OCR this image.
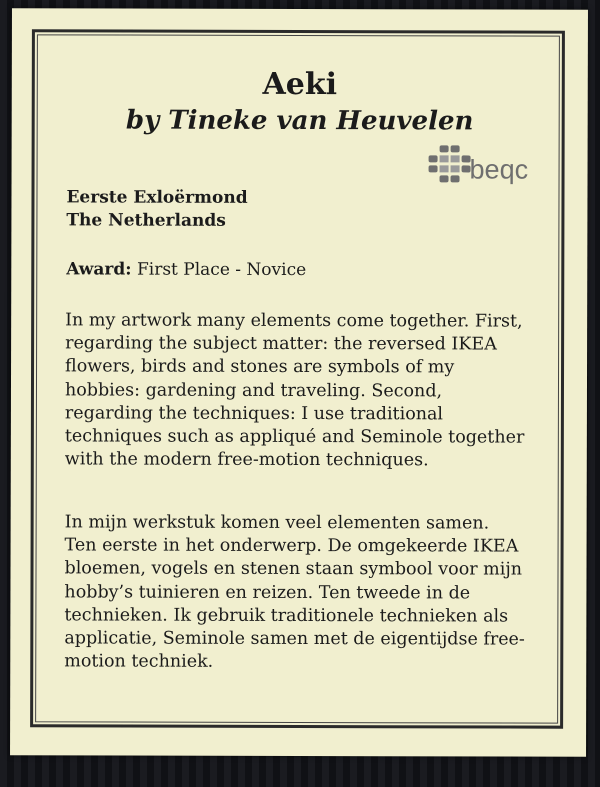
Aeki
by Tineke van Heuvelen
beqc
Eerste Exloërmond
The Netherlands
Award: First Place - Novice
In my artwork many elements come together. First,
regarding the subject matter: the reversed IKEA
flowers, birds and stones are symbols of my
hobbies: gardening and traveling. Second,
regarding the techniques: I use traditional
techniques such as appliqué and Seminole together
with the modern free-motion techniques.
In mijn werkstuk komen veel elementen samen.
Ten eerste in het onderwerp. De omgekeerde IKEA
bloemen, vogels en stenen staan symbool voor mijn
hobby’s tuinieren en reizen. Ten tweede in de
technieken. Ik gebruik traditionele technieken als
applicatie, Seminole samen met de eigentijdse free-
motion techniek.
